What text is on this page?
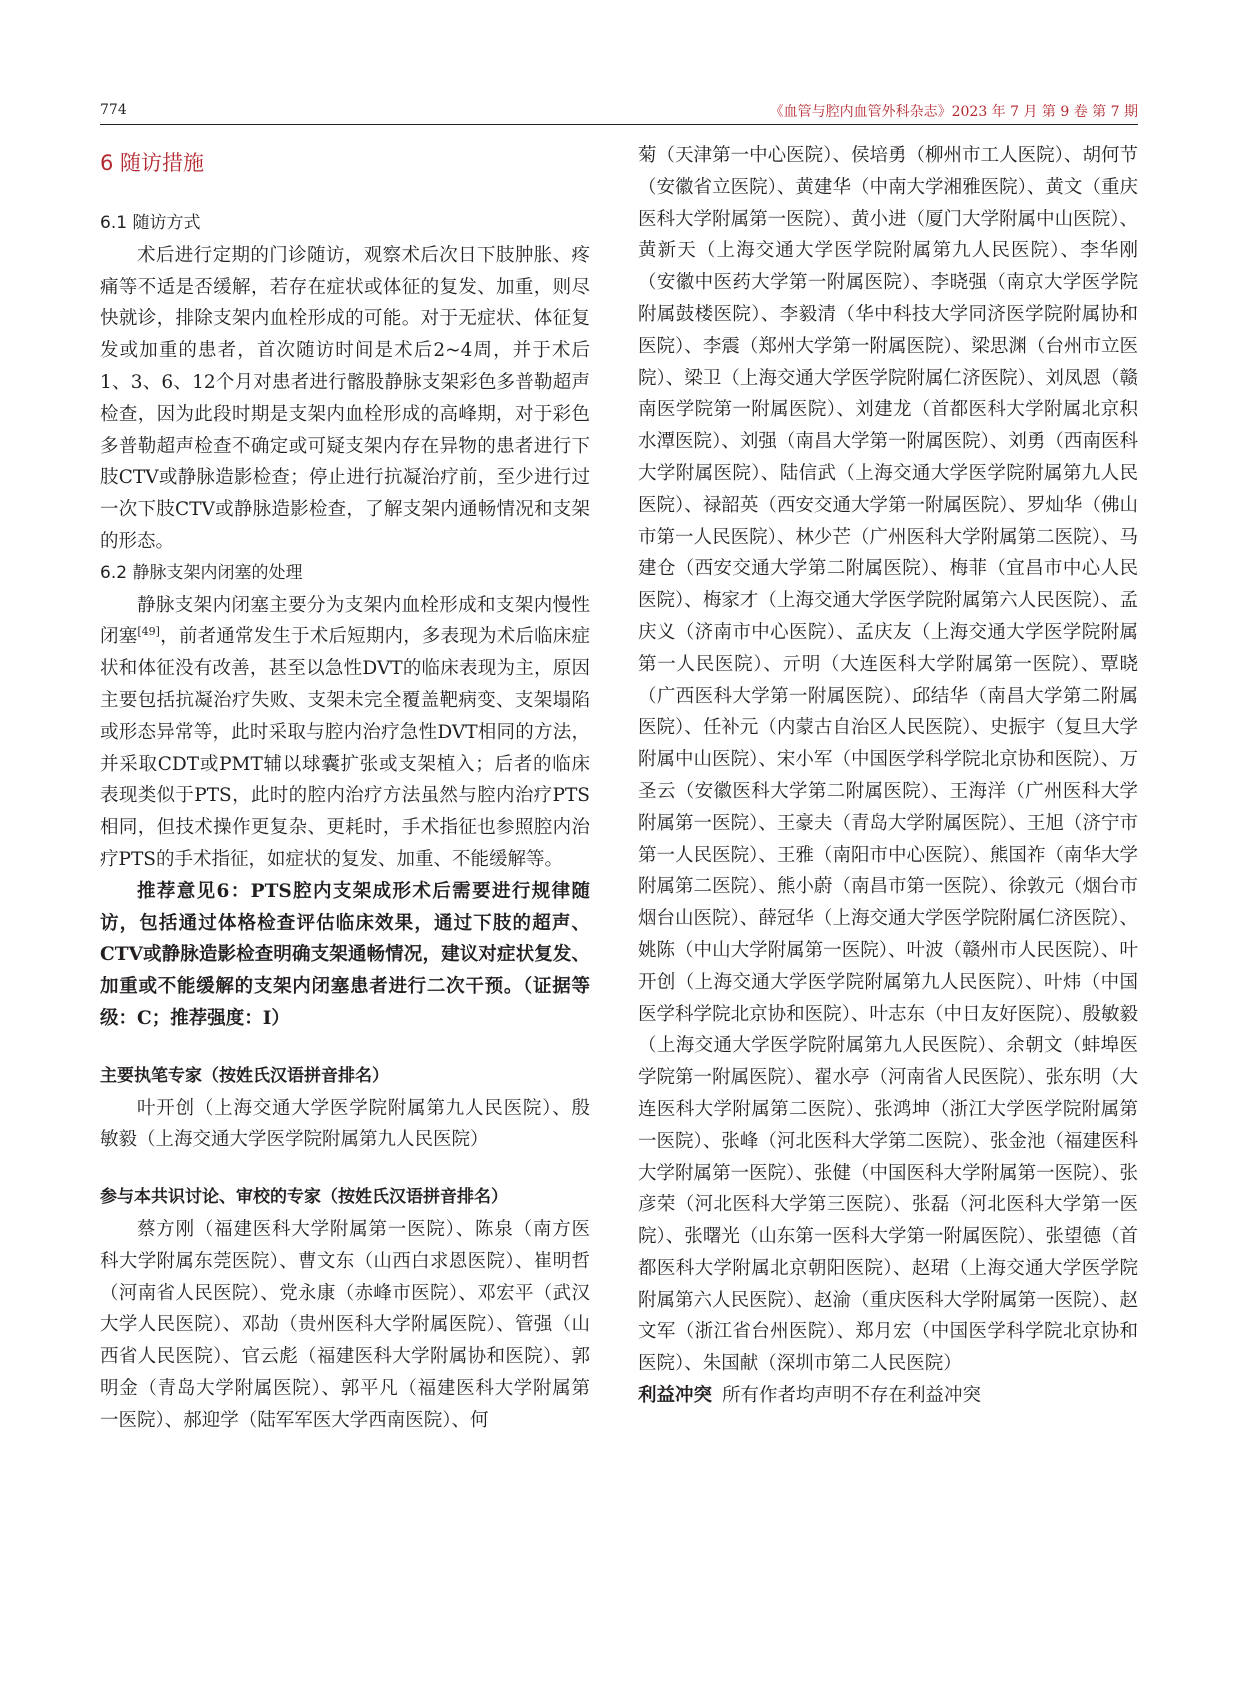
774	《血管与腔内血管外科杂志》2023 年 7 月 第 9 卷 第 7 期
6 随访措施
6.1 随访方式

术后进行定期的门诊随访，观察术后次日下肢肿胀、疼痛等不适是否缓解，若存在症状或体征的复发、加重，则尽快就诊，排除支架内血栓形成的可能。对于无症状、体征复发或加重的患者，首次随访时间是术后2~4周，并于术后1、3、6、12个月对患者进行髂股静脉支架彩色多普勒超声检查，因为此段时期是支架内血栓形成的高峰期，对于彩色多普勒超声检查不确定或可疑支架内存在异物的患者进行下肢CTV或静脉造影检查；停止进行抗凝治疗前，至少进行过一次下肢CTV或静脉造影检查，了解支架内通畅情况和支架的形态。

6.2 静脉支架内闭塞的处理

静脉支架内闭塞主要分为支架内血栓形成和支架内慢性闭塞[49]，前者通常发生于术后短期内，多表现为术后临床症状和体征没有改善，甚至以急性DVT的临床表现为主，原因主要包括抗凝治疗失败、支架未完全覆盖靶病变、支架塌陷或形态异常等，此时采取与腔内治疗急性DVT相同的方法，并采取CDT或PMT辅以球囊扩张或支架植入；后者的临床表现类似于PTS，此时的腔内治疗方法虽然与腔内治疗PTS相同，但技术操作更复杂、更耗时，手术指征也参照腔内治疗PTS的手术指征，如症状的复发、加重、不能缓解等。

推荐意见6：PTS腔内支架成形术后需要进行规律随访，包括通过体格检查评估临床效果，通过下肢的超声、CTV或静脉造影检查明确支架通畅情况，建议对症状复发、加重或不能缓解的支架内闭塞患者进行二次干预。（证据等级：C；推荐强度：Ⅰ）

主要执笔专家（按姓氏汉语拼音排名）

叶开创（上海交通大学医学院附属第九人民医院）、殷敏毅（上海交通大学医学院附属第九人民医院）

参与本共识讨论、审校的专家（按姓氏汉语拼音排名）

蔡方刚（福建医科大学附属第一医院）、陈泉（南方医科大学附属东莞医院）、曹文东（山西白求恩医院）、崔明哲（河南省人民医院）、党永康（赤峰市医院）、邓宏平（武汉大学人民医院）、邓劼（贵州医科大学附属医院）、管强（山西省人民医院）、官云彪（福建医科大学附属协和医院）、郭明金（青岛大学附属医院）、郭平凡（福建医科大学附属第一医院）、郝迎学（陆军军医大学西南医院）、何

菊（天津第一中心医院）、侯培勇（柳州市工人医院）、胡何节（安徽省立医院）、黄建华（中南大学湘雅医院）、黄文（重庆医科大学附属第一医院）、黄小进（厦门大学附属中山医院）、黄新天（上海交通大学医学院附属第九人民医院）、李华刚（安徽中医药大学第一附属医院）、李晓强（南京大学医学院附属鼓楼医院）、李毅清（华中科技大学同济医学院附属协和医院）、李震（郑州大学第一附属医院）、梁思渊（台州市立医院）、梁卫（上海交通大学医学院附属仁济医院）、刘凤恩（赣南医学院第一附属医院）、刘建龙（首都医科大学附属北京积水潭医院）、刘强（南昌大学第一附属医院）、刘勇（西南医科大学附属医院）、陆信武（上海交通大学医学院附属第九人民医院）、禄韶英（西安交通大学第一附属医院）、罗灿华（佛山市第一人民医院）、林少芒（广州医科大学附属第二医院）、马建仓（西安交通大学第二附属医院）、梅菲（宜昌市中心人民医院）、梅家才（上海交通大学医学院附属第六人民医院）、孟庆义（济南市中心医院）、孟庆友（上海交通大学医学院附属第一人民医院）、亓明（大连医科大学附属第一医院）、覃晓（广西医科大学第一附属医院）、邱结华（南昌大学第二附属医院）、任补元（内蒙古自治区人民医院）、史振宇（复旦大学附属中山医院）、宋小军（中国医学科学院北京协和医院）、万圣云（安徽医科大学第二附属医院）、王海洋（广州医科大学附属第一医院）、王豪夫（青岛大学附属医院）、王旭（济宁市第一人民医院）、王雅（南阳市中心医院）、熊国祚（南华大学附属第二医院）、熊小蔚（南昌市第一医院）、徐敦元（烟台市烟台山医院）、薛冠华（上海交通大学医学院附属仁济医院）、姚陈（中山大学附属第一医院）、叶波（赣州市人民医院）、叶开创（上海交通大学医学院附属第九人民医院）、叶炜（中国医学科学院北京协和医院）、叶志东（中日友好医院）、殷敏毅（上海交通大学医学院附属第九人民医院）、余朝文（蚌埠医学院第一附属医院）、翟水亭（河南省人民医院）、张东明（大连医科大学附属第二医院）、张鸿坤（浙江大学医学院附属第一医院）、张峰（河北医科大学第二医院）、张金池（福建医科大学附属第一医院）、张健（中国医科大学附属第一医院）、张彦荣（河北医科大学第三医院）、张磊（河北医科大学第一医院）、张曙光（山东第一医科大学第一附属医院）、张望德（首都医科大学附属北京朝阳医院）、赵珺（上海交通大学医学院附属第六人民医院）、赵渝（重庆医科大学附属第一医院）、赵文军（浙江省台州医院）、郑月宏（中国医学科学院北京协和医院）、朱国献（深圳市第二人民医院）

利益冲突 所有作者均声明不存在利益冲突
